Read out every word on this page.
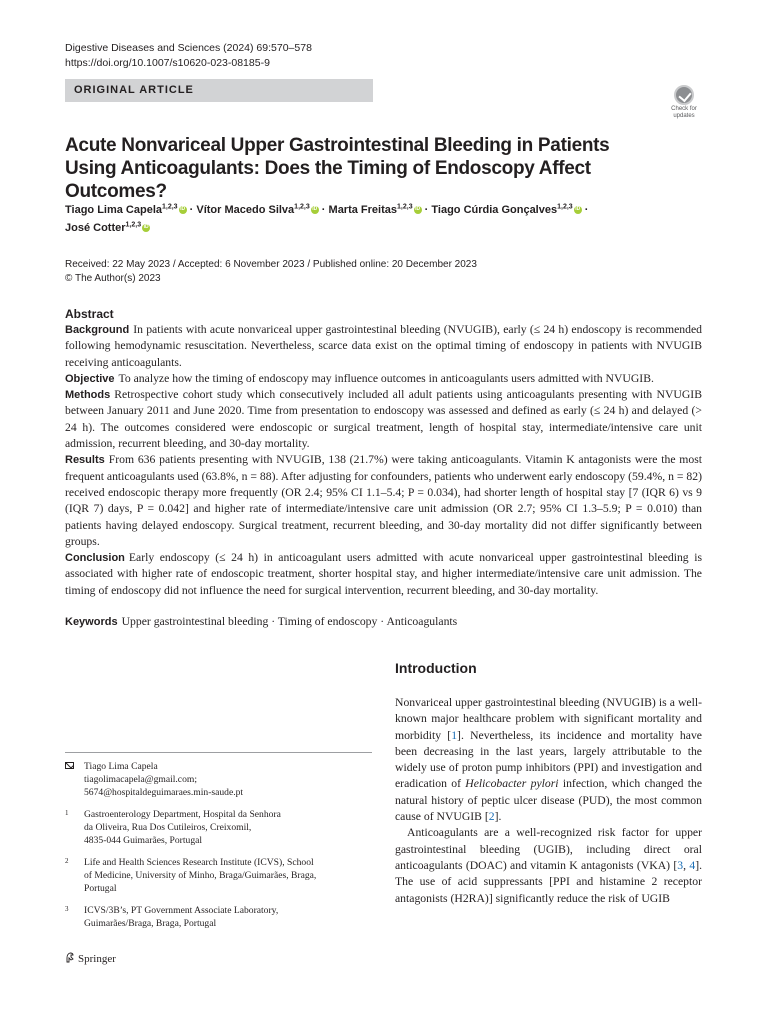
Digestive Diseases and Sciences (2024) 69:570–578
https://doi.org/10.1007/s10620-023-08185-9
ORIGINAL ARTICLE
Check for
updates
Acute Nonvariceal Upper Gastrointestinal Bleeding in Patients Using Anticoagulants: Does the Timing of Endoscopy Affect Outcomes?
Tiago Lima Capela$^{1,2,3}$iD · Vítor Macedo Silva$^{1,2,3}$iD · Marta Freitas$^{1,2,3}$iD · Tiago Cúrdia Gonçalves$^{1,2,3}$iD ·
José Cotter$^{1,2,3}$iD
Received: 22 May 2023 / Accepted: 6 November 2023 / Published online: 20 December 2023
© The Author(s) 2023
Abstract

Background In patients with acute nonvariceal upper gastrointestinal bleeding (NVUGIB), early (≤ 24 h) endoscopy is recommended following hemodynamic resuscitation. Nevertheless, scarce data exist on the optimal timing of endoscopy in patients with NVUGIB receiving anticoagulants.

Objective To analyze how the timing of endoscopy may influence outcomes in anticoagulants users admitted with NVUGIB.

Methods Retrospective cohort study which consecutively included all adult patients using anticoagulants presenting with NVUGIB between January 2011 and June 2020. Time from presentation to endoscopy was assessed and defined as early (≤ 24 h) and delayed (> 24 h). The outcomes considered were endoscopic or surgical treatment, length of hospital stay, intermediate/intensive care unit admission, recurrent bleeding, and 30-day mortality.

Results From 636 patients presenting with NVUGIB, 138 (21.7%) were taking anticoagulants. Vitamin K antagonists were the most frequent anticoagulants used (63.8%, n = 88). After adjusting for confounders, patients who underwent early endoscopy (59.4%, n = 82) received endoscopic therapy more frequently (OR 2.4; 95% CI 1.1–5.4; P = 0.034), had shorter length of hospital stay [7 (IQR 6) vs 9 (IQR 7) days, P = 0.042] and higher rate of intermediate/intensive care unit admission (OR 2.7; 95% CI 1.3–5.9; P = 0.010) than patients having delayed endoscopy. Surgical treatment, recurrent bleeding, and 30-day mortality did not differ significantly between groups.

Conclusion Early endoscopy (≤ 24 h) in anticoagulant users admitted with acute nonvariceal upper gastrointestinal bleeding is associated with higher rate of endoscopic treatment, shorter hospital stay, and higher intermediate/intensive care unit admission. The timing of endoscopy did not influence the need for surgical intervention, recurrent bleeding, and 30-day mortality.

Keywords Upper gastrointestinal bleeding · Timing of endoscopy · Anticoagulants
Introduction

Nonvariceal upper gastrointestinal bleeding (NVUGIB) is a well-known major healthcare problem with significant mortality and morbidity [1]. Nevertheless, its incidence and mortality have been decreasing in the last years, largely attributable to the widely use of proton pump inhibitors (PPI) and investigation and eradication of Helicobacter pylori infection, which changed the natural history of peptic ulcer disease (PUD), the most common cause of NVUGIB [2].

Anticoagulants are a well-recognized risk factor for upper gastrointestinal bleeding (UGIB), including direct oral anticoagulants (DOAC) and vitamin K antagonists (VKA) [3, 4]. The use of acid suppressants [PPI and histamine 2 receptor antagonists (H2RA)] significantly reduce the risk of UGIB

Tiago Lima Capela
tiagolimacapela@gmail.com;
5674@hospitaldeguimaraes.min-saude.pt
1 Gastroenterology Department, Hospital da Senhora
da Oliveira, Rua Dos Cutileiros, Creixomil,
4835-044 Guimarães, Portugal
2 Life and Health Sciences Research Institute (ICVS), School
of Medicine, University of Minho, Braga/Guimarães, Braga,
Portugal
3 ICVS/3B’s, PT Government Associate Laboratory,
Guimarães/Braga, Braga, Portugal
Springer
